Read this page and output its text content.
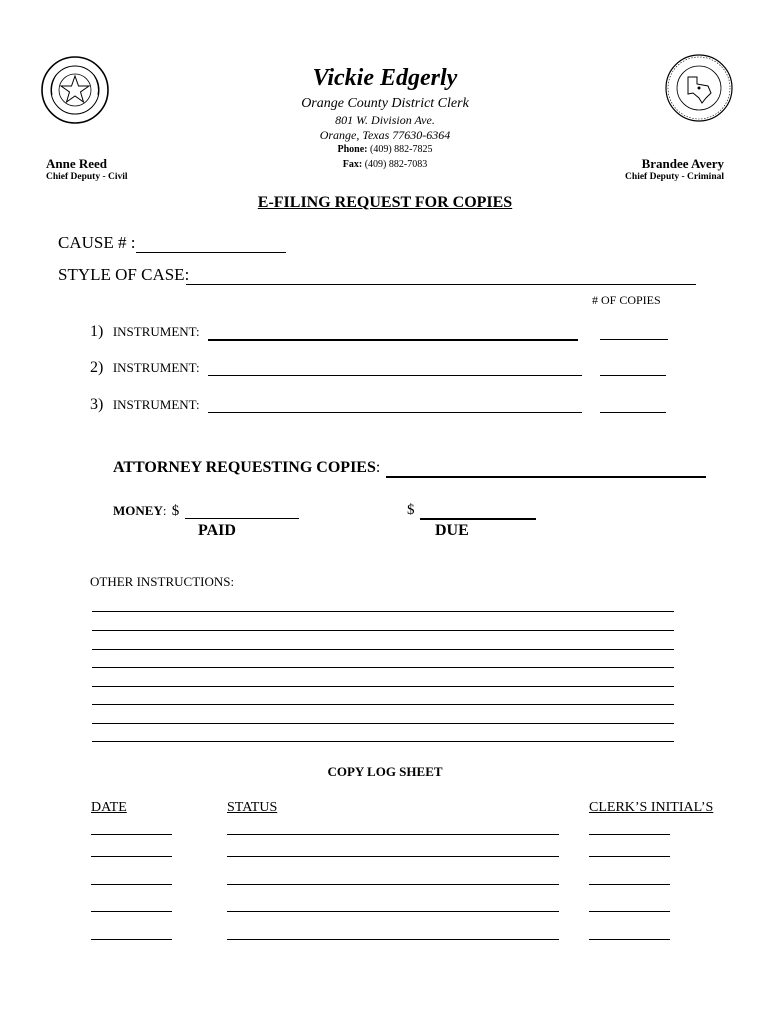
Vickie Edgerly
Orange County District Clerk
801 W. Division Ave.
Orange, Texas 77630-6364
Phone: (409) 882-7825
Fax: (409) 882-7083
Anne Reed
Chief Deputy - Civil
Brandee Avery
Chief Deputy - Criminal
E-FILING REQUEST FOR COPIES
CAUSE # :
STYLE OF CASE:
# OF COPIES
1) INSTRUMENT:
2) INSTRUMENT:
3) INSTRUMENT:
ATTORNEY REQUESTING COPIES:
MONEY: $	$
PAID	DUE
OTHER INSTRUCTIONS:
COPY LOG SHEET
DATE	STATUS	CLERK’S INITIAL’S
